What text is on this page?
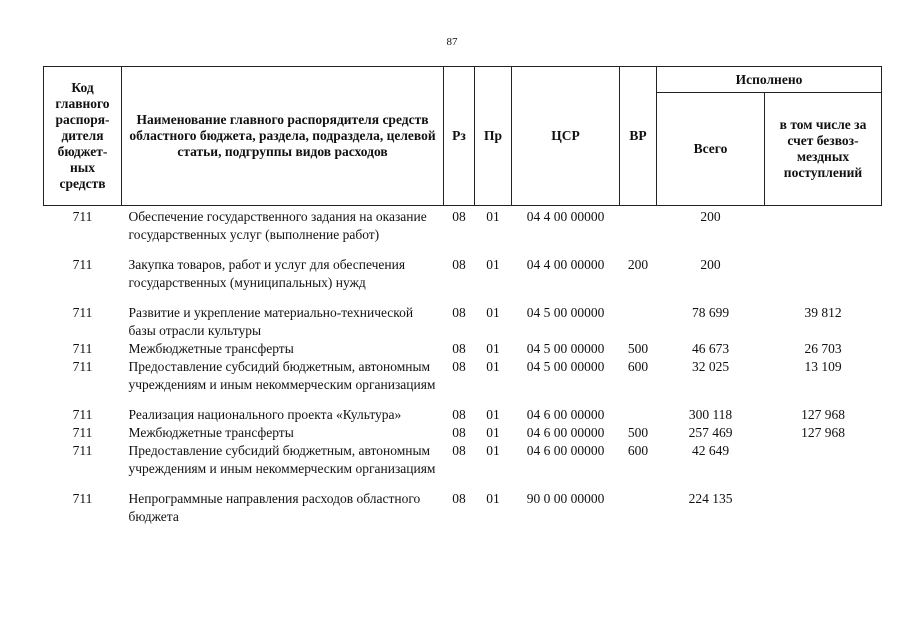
87
Код главного распоря-дителя бюджет-ных средств	Наименование главного распорядителя средств областного бюджета, раздела, подраздела, целевой статьи, подгруппы видов расходов	Рз	Пр	ЦСР	ВР	Исполнено	
						Всего	в том числе за счет безвоз-мездных поступлений
711	Обеспечение государственного задания на оказание государственных услуг (выполнение работ)	08	01	04 4 00 00000		200	
711	Закупка товаров, работ и услуг для обеспечения государственных (муниципальных) нужд	08	01	04 4 00 00000	200	200	
711	Развитие и укрепление материально-технической базы отрасли культуры	08	01	04 5 00 00000		78 699	39 812
711	Межбюджетные трансферты	08	01	04 5 00 00000	500	46 673	26 703
711	Предоставление субсидий бюджетным, автономным учреждениям и иным некоммерческим организациям	08	01	04 5 00 00000	600	32 025	13 109
711	Реализация национального проекта «Культура»	08	01	04 6 00 00000		300 118	127 968
711	Межбюджетные трансферты	08	01	04 6 00 00000	500	257 469	127 968
711	Предоставление субсидий бюджетным, автономным учреждениям и иным некоммерческим организациям	08	01	04 6 00 00000	600	42 649	
711	Непрограммные направления расходов областного бюджета	08	01	90 0 00 00000		224 135	
